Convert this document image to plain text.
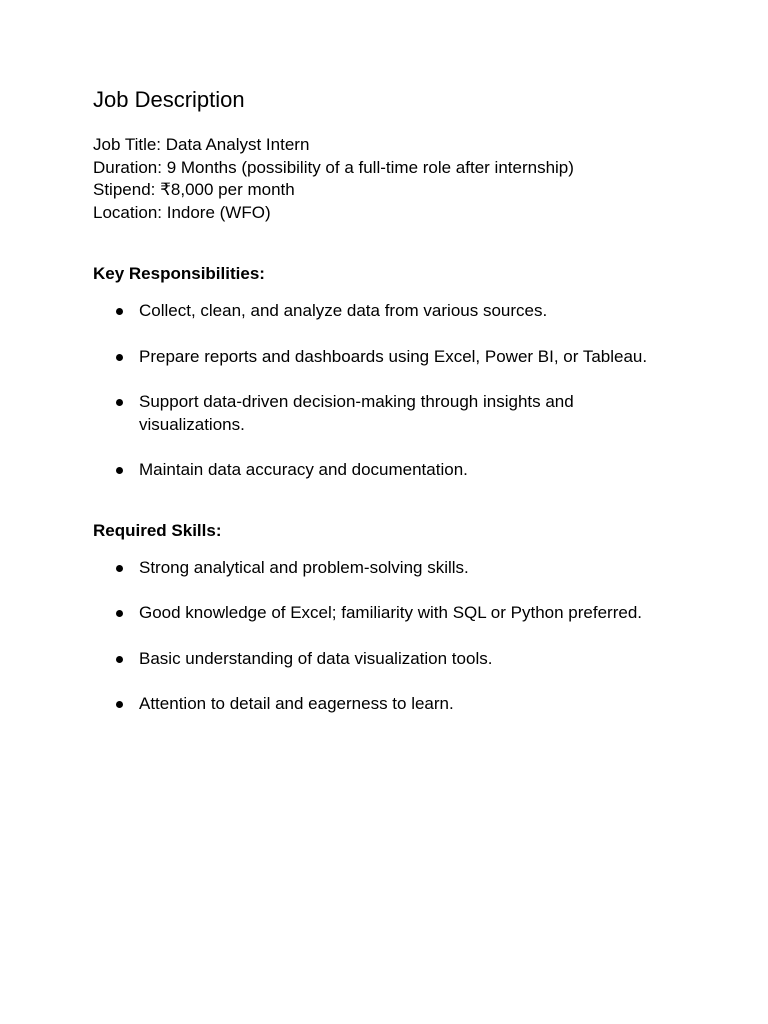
Job Description
Job Title: Data Analyst Intern
Duration: 9 Months (possibility of a full-time role after internship)
Stipend: ₹8,000 per month
Location: Indore (WFO)
Key Responsibilities:
Collect, clean, and analyze data from various sources.
Prepare reports and dashboards using Excel, Power BI, or Tableau.
Support data-driven decision-making through insights and visualizations.
Maintain data accuracy and documentation.
Required Skills:
Strong analytical and problem-solving skills.
Good knowledge of Excel; familiarity with SQL or Python preferred.
Basic understanding of data visualization tools.
Attention to detail and eagerness to learn.
